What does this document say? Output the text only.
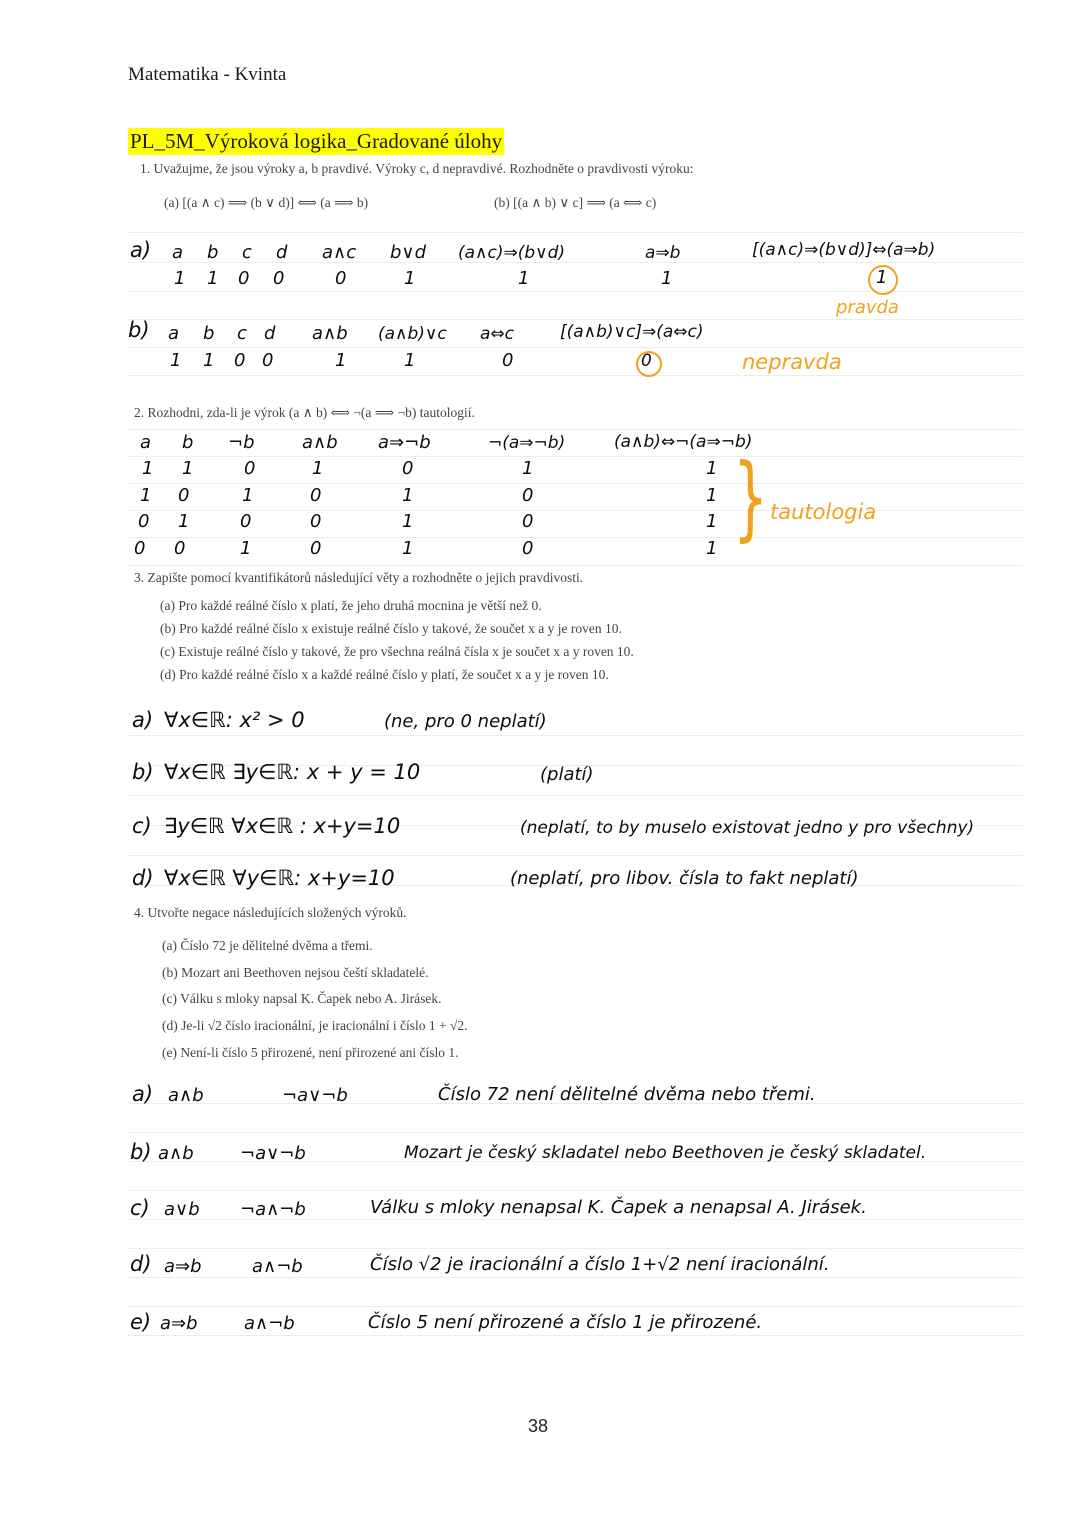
Matematika - Kvinta
PL_5M_Výroková logika_Gradované úlohy
1. Uvažujme, že jsou výroky a, b pravdivé. Výroky c, d nepravdivé. Rozhodněte o pravdivosti výroku:
(a) [(a ∧ c) ⟹ (b ∨ d)] ⟺ (a ⟹ b)	(b) [(a ∧ b) ∨ c] ⟹ (a ⟺ c)
a) a b c d a∧c b∨d (a∧c)⇒(b∨d)	a⇒b	[(a∧c)⇒(b∨d)]⇔(a⇒b)
1 1 0 0	0	1	1	1	1
pravda
b) a b c d a∧b (a∧b)∨c a⇔c	[(a∧b)∨c]⇒(a⇔c)
1 1 0 0	1	1	0	0	nepravda
2. Rozhodni, zda-li je výrok (a ∧ b) ⟺ ¬(a ⟹ ¬b) tautologií.
a b ¬b	a∧b a⇒¬b	¬(a⇒¬b)	(a∧b)⇔¬(a⇒¬b)
1 1	0	1	0	1	1
1 0	1	0	1	0	1
0 1	0	0	1	0	1
0 0	1	0	1	0	1 } tautologia
3. Zapište pomocí kvantifikátorů následující věty a rozhodněte o jejich pravdivosti.
(a) Pro každé reálné číslo x platí, že jeho druhá mocnina je větší než 0.
(b) Pro každé reálné číslo x existuje reálné číslo y takové, že součet x a y je roven 10.
(c) Existuje reálné číslo y takové, že pro všechna reálná čísla x je součet x a y roven 10.
(d) Pro každé reálné číslo x a každé reálné číslo y platí, že součet x a y je roven 10.
a) ∀x∈ℝ: x² > 0	(ne, pro 0 neplatí)
b) ∀x∈ℝ ∃y∈ℝ: x + y = 10	(platí)
c) ∃y∈ℝ ∀x∈ℝ : x+y=10	(neplatí, to by muselo existovat jedno y pro všechny)
d) ∀x∈ℝ ∀y∈ℝ: x+y=10	(neplatí, pro libov. čísla to fakt neplatí)
4. Utvořte negace následujících složených výroků.
(a) Číslo 72 je dělitelné dvěma a třemi.
(b) Mozart ani Beethoven nejsou čeští skladatelé.
(c) Válku s mloky napsal K. Čapek nebo A. Jirásek.
(d) Je-li √2 číslo iracionální, je iracionální i číslo 1 + √2.
(e) Není-li číslo 5 přirozené, není přirozené ani číslo 1.
a) a∧b	¬a∨¬b	Číslo 72 není dělitelné dvěma nebo třemi.
b) a∧b	¬a∨¬b	Mozart je český skladatel nebo Beethoven je český skladatel.
c) a∨b ¬a∧¬b	Válku s mloky nenapsal K. Čapek a nenapsal A. Jirásek.
d) a⇒b	a∧¬b	Číslo √2 je iracionální a číslo 1+√2 není iracionální.
e) a⇒b	a∧¬b	Číslo 5 není přirozené a číslo 1 je přirozené.
38
